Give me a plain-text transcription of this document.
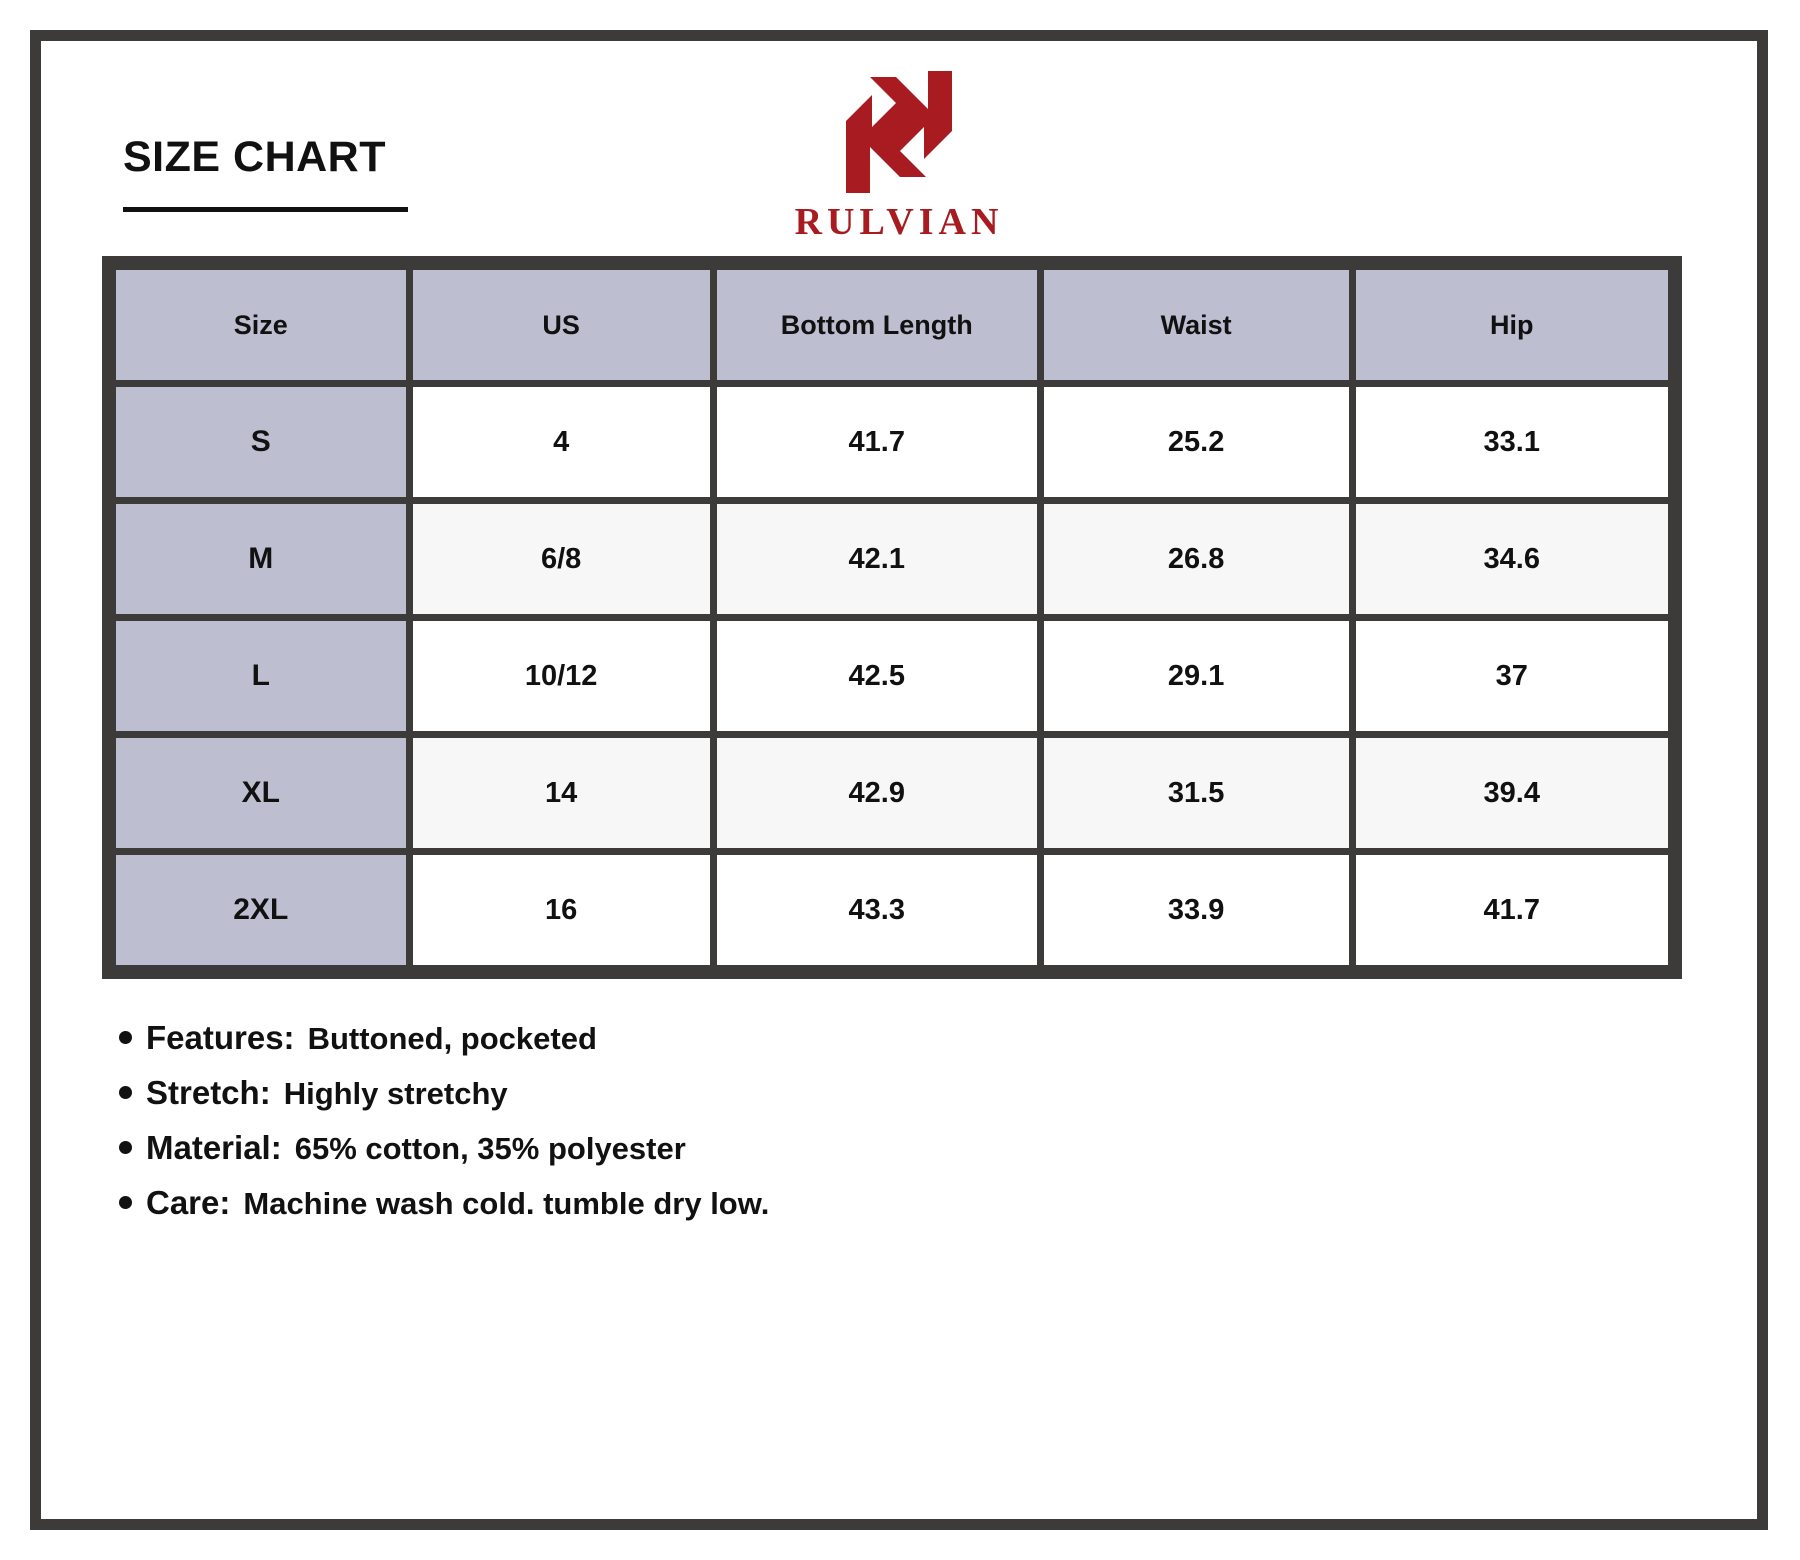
SIZE CHART
RULVIAN
Size	US	Bottom Length	Waist	Hip
S	4	41.7	25.2	33.1
M	6/8	42.1	26.8	34.6
L	10/12	42.5	29.1	37
XL	14	42.9	31.5	39.4
2XL	16	43.3	33.9	41.7
Features: Buttoned, pocketed
Stretch: Highly stretchy
Material: 65% cotton, 35% polyester
Care: Machine wash cold. tumble dry low.
